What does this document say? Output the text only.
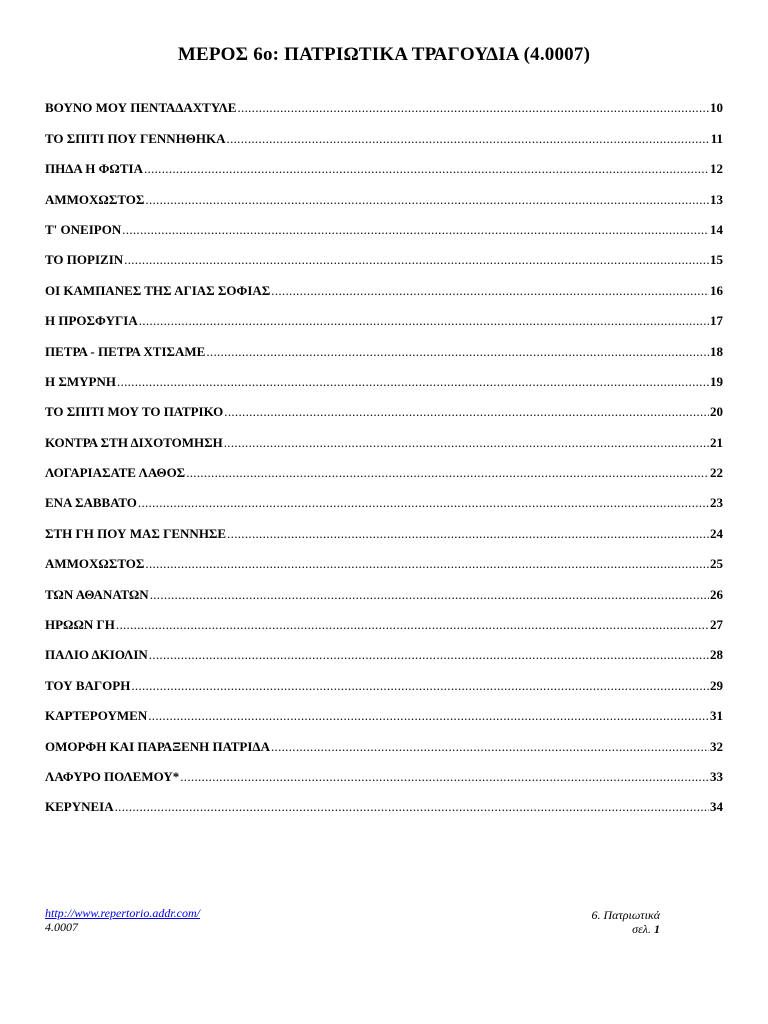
ΜΕΡΟΣ 6ο: ΠΑΤΡΙΩΤΙΚΑ ΤΡΑΓΟΥΔΙΑ (4.0007)
ΒΟΥΝΟ ΜΟΥ ΠΕΝΤΑΔΑΧΤΥΛΕ .....	10
ΤΟ ΣΠΙΤΙ ΠΟΥ ΓΕΝΝΗΘΗΚΑ .....	11
ΠΗΔΑ Η ΦΩΤΙΑ .....	12
ΑΜΜΟΧΩΣΤΟΣ .....	13
Τ' ΟΝΕΙΡΟΝ .....	14
ΤΟ ΠΟΡΙΖΙΝ .....	15
ΟΙ ΚΑΜΠΑΝΕΣ ΤΗΣ ΑΓΙΑΣ ΣΟΦΙΑΣ .....	16
Η ΠΡΟΣΦΥΓΙΑ .....	17
ΠΕΤΡΑ - ΠΕΤΡΑ ΧΤΙΣΑΜΕ .....	18
Η ΣΜΥΡΝΗ .....	19
ΤΟ ΣΠΙΤΙ ΜΟΥ ΤΟ ΠΑΤΡΙΚΟ .....	20
ΚΟΝΤΡΑ ΣΤΗ ΔΙΧΟΤΟΜΗΣΗ .....	21
ΛΟΓΑΡΙΑΣΑΤΕ ΛΑΘΟΣ .....	22
ΕΝΑ ΣΑΒΒΑΤΟ .....	23
ΣΤΗ ΓΗ ΠΟΥ ΜΑΣ ΓΕΝΝΗΣΕ .....	24
ΑΜΜΟΧΩΣΤΟΣ .....	25
ΤΩΝ ΑΘΑΝΑΤΩΝ .....	26
ΗΡΩΩΝ ΓΗ .....	27
ΠΑΛΙΟ ΔΚΙΟΛΙΝ .....	28
ΤΟΥ ΒΑΓΟΡΗ .....	29
ΚΑΡΤΕΡΟΥΜΕΝ .....	31
ΟΜΟΡΦΗ ΚΑΙ ΠΑΡΑΞΕΝΗ ΠΑΤΡΙΔΑ .....	32
ΛΑΦΥΡΟ ΠΟΛΕΜΟΥ* .....	33
ΚΕΡΥΝΕΙΑ .....	34
http://www.repertorio.addr.com/
4.0007
6. Πατριωτικά
σελ. 1
